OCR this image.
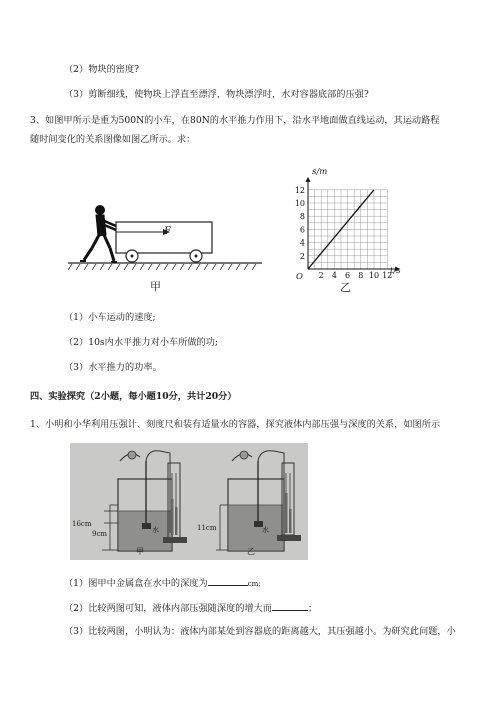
（2）物块的密度?
（3）剪断细线，使物块上浮直至漂浮，物块漂浮时，水对容器底部的压强?
3、如图甲所示是重为500N的小车，在80N的水平推力作用下，沿水平地面做直线运动，其运动路程
随时间变化的关系图像如图乙所示。求：
F
甲
2 4 6 8 10 12
2
4
6
8
10
12
s/m
t/s
O
乙
（1）小车运动的速度;
（2）10s内水平推力对小车所做的功;
（3）水平推力的功率。
四、实验探究（2小题，每小题10分，共计20分）
1、小明和小华利用压强计、刻度尺和装有适量水的容器，探究液体内部压强与深度的关系，如图所示
16cm
9cm	水
甲
11cm	水
乙
（1）图甲中金属盒在水中的深度为	cm;
（2）比较两图可知，液体内部压强随深度的增大而	；
（3）比较两图，小明认为：液体内部某处到容器底的距离越大，其压强越小。为研究此问题，小
